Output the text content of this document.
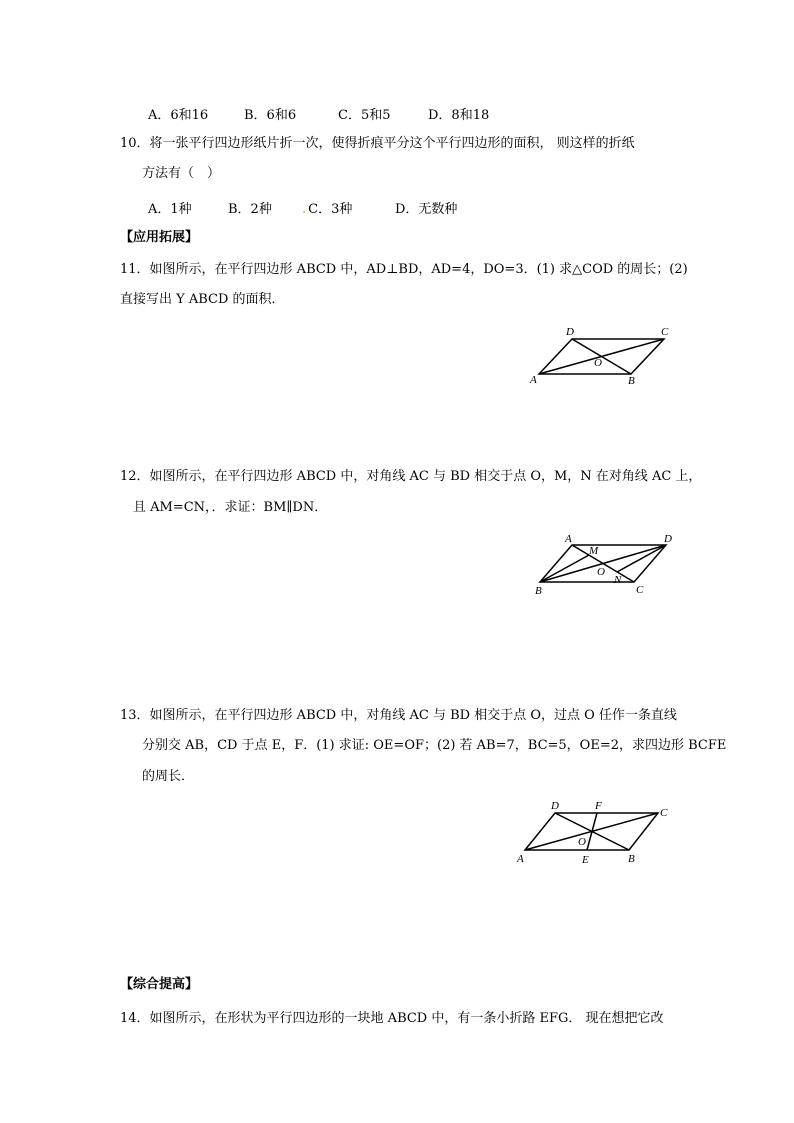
A．6和16	B．6和6	C．5和5	D．8和18
10．将一张平行四边形纸片折一次，使得折痕平分这个平行四边形的面积， 则这样的折纸
方法有（　）
A．1种	B．2种 . C．3种	D．无数种
【应用拓展】
11．如图所示，在平行四边形 ABCD 中，AD⊥BD，AD=4，DO=3．(1) 求△COD 的周长；(2)
直接写出 Y ABCD 的面积．
D	C
O
A	B
12．如图所示，在平行四边形 ABCD 中，对角线 AC 与 BD 相交于点 O，M，N 在对角线 AC 上，
且 AM=CN，．求证：BM∥DN．
A	D
M
O
N
B	C
13．如图所示，在平行四边形 ABCD 中，对角线 AC 与 BD 相交于点 O，过点 O 任作一条直线
分别交 AB，CD 于点 E，F．(1) 求证: OE=OF；(2) 若 AB=7，BC=5，OE=2，求四边形 BCFE
的周长．
D	F
C
O
A	E	B
【综合提高】
14．如图所示，在形状为平行四边形的一块地 ABCD 中，有一条小折路 EFG． 现在想把它改
